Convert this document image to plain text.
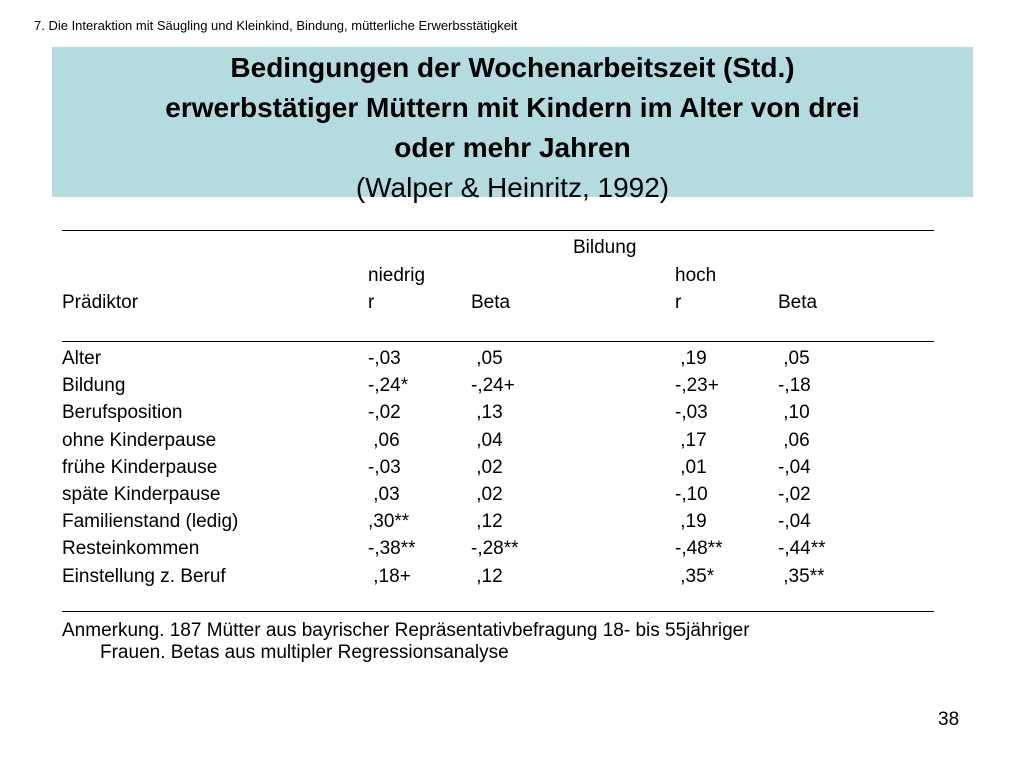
7. Die Interaktion mit Säugling und Kleinkind, Bindung, mütterliche Erwerbsstätigkeit
Bedingungen der Wochenarbeitszeit (Std.)
erwerbstätiger Müttern mit Kindern im Alter von drei
oder mehr Jahren
(Walper & Heinritz, 1992)
Bildung
niedrig	hoch
Prädiktor	r	Beta	r	Beta
Alter	-,03	,05	,19	,05
Bildung	-,24*	-,24+	-,23+	-,18
Berufsposition	-,02	,13	-,03	,10
ohne Kinderpause	,06	,04	,17	,06
frühe Kinderpause	-,03	,02	,01	-,04
späte Kinderpause	,03	,02	-,10	-,02
Familienstand (ledig)	,30**	,12	,19	-,04
Resteinkommen	-,38**	-,28**	-,48**	-,44**
Einstellung z. Beruf	,18+	,12	,35*	,35**
Anmerkung. 187 Mütter aus bayrischer Repräsentativbefragung 18- bis 55jähriger
Frauen. Betas aus multipler Regressionsanalyse
38
